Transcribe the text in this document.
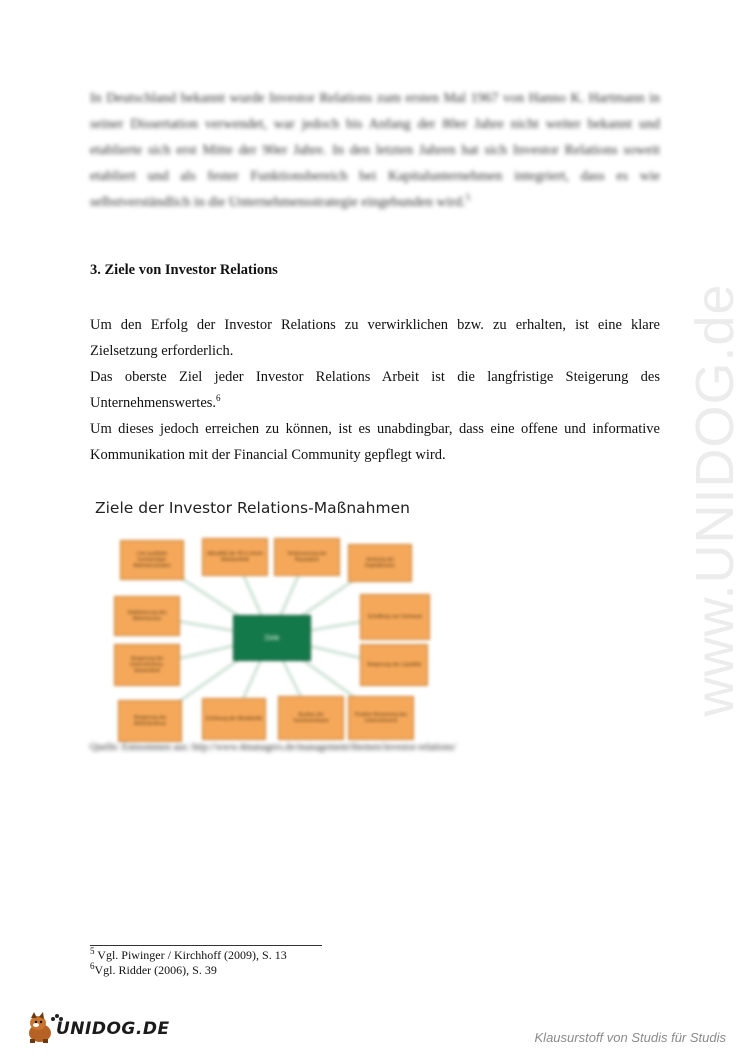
In Deutschland bekannt wurde Investor Relations zum ersten Mal 1967 von Hanno K. Hartmann in seiner Dissertation verwendet, war jedoch bis Anfang der 80er Jahre nicht weiter bekannt und etablierte sich erst Mitte der 90er Jahre. In den letzten Jahren hat sich Investor Relations soweit etabliert und als fester Funktionsbereich bei Kapitalunternehmen integriert, dass es wie selbstverständlich in die Unternehmensstrategie eingebunden wird.$^5$
3. Ziele von Investor Relations

Um den Erfolg der Investor Relations zu verwirklichen bzw. zu erhalten, ist eine klare Zielsetzung erforderlich.

Das oberste Ziel jeder Investor Relations Arbeit ist die langfristige Steigerung des Unternehmenswertes.$^6$

Um dieses jedoch erreichen zu können, ist es unabdingbar, dass eine offene und informative Kommunikation mit der Financial Community gepflegt wird.	www.UNIDOG.de
Ziele der Investor Relations-Maßnahmen
Line qualitativ hochwertiger Aktionärsstruktur
Aktualität der IR in einem Marktumfeld
Verbesserung der Reputation	Senkung der Kapitalkosten
Stabilisierung des Aktienkurses	Schaffung von Vertrauen
Steigerung der Unternehmens-bekanntheit
Steigerung der Liquidität
Steigerung der Aktionärstreue
Erhöhung der Attraktivität
Ausbau der Investorenbasis
Positive Bewertung des Unternehmens
Ziele
Quelle: Entnommen aus: http://www.4managers.de/management/themen/investor-relations/
$^5$ Vgl. Piwinger / Kirchhoff (2009), S. 13
$^6$Vgl. Ridder (2006), S. 39
UNIDOG.DE	Klausurstoff von Studis für Studis
